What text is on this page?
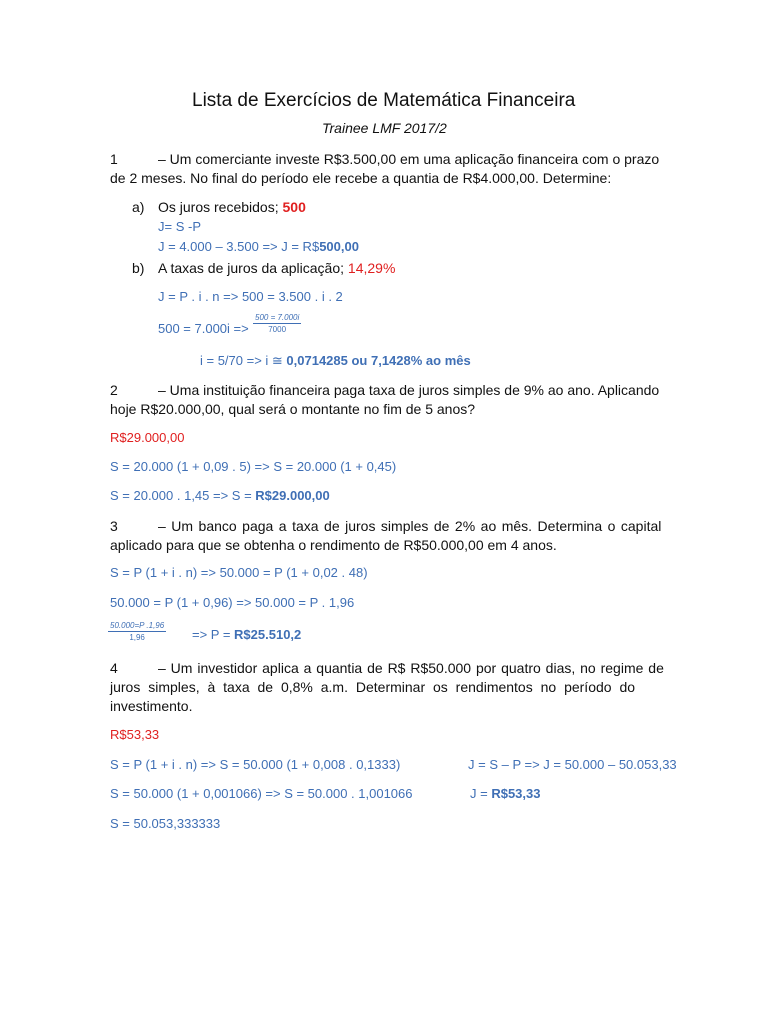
Lista de Exercícios de Matemática Financeira
Trainee LMF 2017/2
1	– Um comerciante investe R$3.500,00 em uma aplicação financeira com o prazo
de 2 meses. No final do período ele recebe a quantia de R$4.000,00. Determine:
a) Os juros recebidos; 500
J= S -P
J = 4.000 – 3.500 => J = R$500,00
b) A taxas de juros da aplicação; 14,29%
J = P . i . n => 500 = 3.500 . i . 2
$500 = 7.000i => \frac{500 = 7.000i}{7000}$
i = 5/70 => i ≅ 0,0714285 ou 7,1428% ao mês
2	– Uma instituição financeira paga taxa de juros simples de 9% ao ano. Aplicando
hoje R$20.000,00, qual será o montante no fim de 5 anos?
R$29.000,00
S = 20.000 (1 + 0,09 . 5) => S = 20.000 (1 + 0,45)
S = 20.000 . 1,45 => S = R$29.000,00
3	– Um banco paga a taxa de juros simples de 2% ao mês. Determina o capital
aplicado para que se obtenha o rendimento de R$50.000,00 em 4 anos.
S = P (1 + i . n) => 50.000 = P (1 + 0,02 . 48)
50.000 = P (1 + 0,96) => 50.000 = P . 1,96
$\frac{50.000=P .1,96}{1,96} => P$ = R$25.510,2
4	– Um investidor aplica a quantia de R$ R$50.000 por quatro dias, no regime de
juros simples, à taxa de 0,8% a.m. Determinar os rendimentos no período do
investimento.
R$53,33
S = P (1 + i . n) => S = 50.000 (1 + 0,008 . 0,1333)
S = 50.000 (1 + 0,001066) => S = 50.000 . 1,001066
S = 50.053,333333
J = S – P => J = 50.000 – 50.053,33
J = R$53,33
